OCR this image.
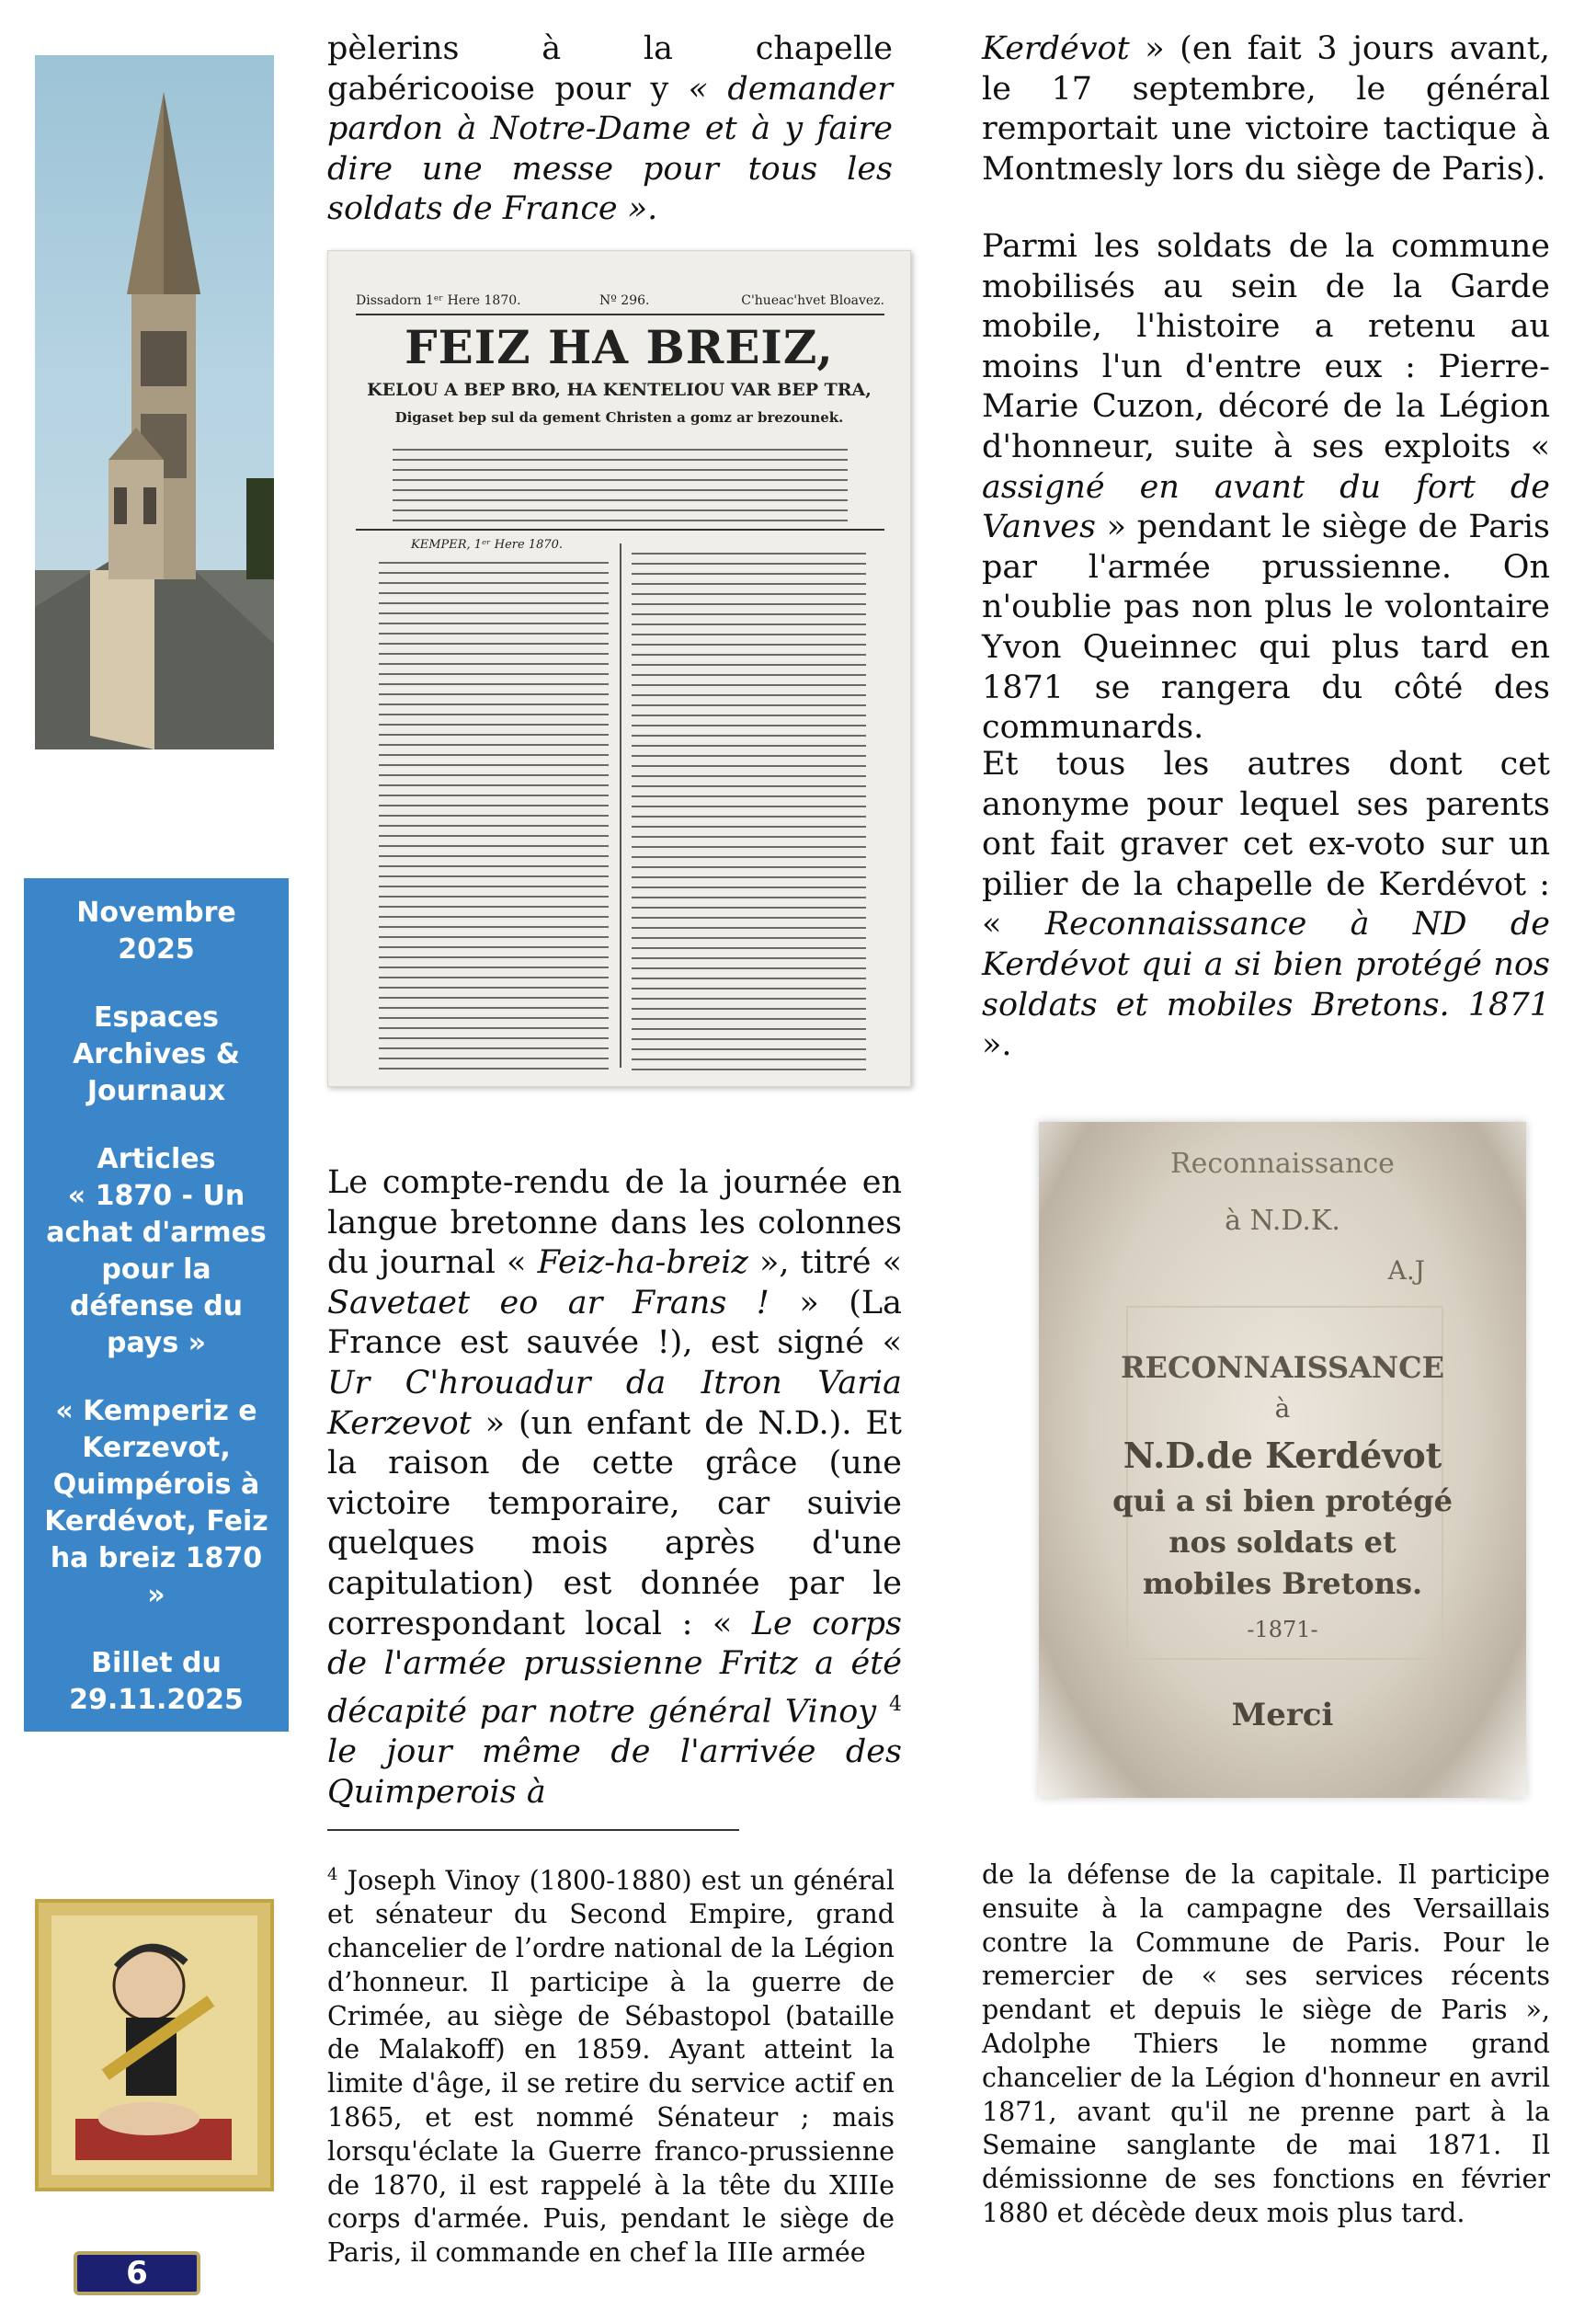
Novembre 2025
Espaces Archives & Journaux
Articles
« 1870 - Un achat d'armes pour la défense du pays »
« Kemperiz e Kerzevot, Quimpérois à Kerdévot, Feiz ha breiz 1870 »
Billet du 29.11.2025
pèlerins à la chapelle gabéricooise pour y « demander pardon à Notre-Dame et à y faire dire une messe pour tous les soldats de France ».
Dissadorn 1ᵉʳ Here 1870.	Nº 296.	C'hueac'hvet Bloavez.
FEIZ HA BREIZ,
KELOU A BEP BRO, HA KENTELIOU VAR BEP TRA,
Digaset bep sul da gement Christen a gomz ar brezounek.
KEMPER, 1ᵉʳ Here 1870.
Kerdévot » (en fait 3 jours avant, le 17 septembre, le général remportait une victoire tactique à Montmesly lors du siège de Paris).
Parmi les soldats de la commune mobilisés au sein de la Garde mobile, l'histoire a retenu au moins l'un d'entre eux : Pierre-Marie Cuzon, décoré de la Légion d'honneur, suite à ses exploits « assigné en avant du fort de Vanves » pendant le siège de Paris par l'armée prussienne. On n'oublie pas non plus le volontaire Yvon Queinnec qui plus tard en 1871 se rangera du côté des communards.
Et tous les autres dont cet anonyme pour lequel ses parents ont fait graver cet ex-voto sur un pilier de la chapelle de Kerdévot : « Reconnaissance à ND de Kerdévot qui a si bien protégé nos soldats et mobiles Bretons. 1871 ».
Le compte-rendu de la journée en langue bretonne dans les colonnes du journal « Feiz-ha-breiz », titré « Savetaet eo ar Frans ! » (La France est sauvée !), est signé « Ur C'hrouadur da Itron Varia Kerzevot » (un enfant de N.D.). Et la raison de cette grâce (une victoire temporaire, car suivie quelques mois après d'une capitulation) est donnée par le correspondant local : « Le corps de l'armée prussienne Fritz a été décapité par notre général Vinoy $^4$ le jour même de l'arrivée des Quimperois à
Reconnaissance
à N.D.K.
A.J
RECONNAISSANCE
à
N.D.de Kerdévot
qui a si bien protégé
nos soldats et
mobiles Bretons.
-1871-
Merci
$^4$ Joseph Vinoy (1800-1880) est un général et sénateur du Second Empire, grand chancelier de l’ordre national de la Légion d’honneur. Il participe à la guerre de Crimée, au siège de Sébastopol (bataille de Malakoff) en 1859. Ayant atteint la limite d'âge, il se retire du service actif en 1865, et est nommé Sénateur ; mais lorsqu'éclate la Guerre franco-prussienne de 1870, il est rappelé à la tête du XIIIe corps d'armée. Puis, pendant le siège de Paris, il commande en chef la IIIe armée
de la défense de la capitale. Il participe ensuite à la campagne des Versaillais contre la Commune de Paris. Pour le remercier de « ses services récents pendant et depuis le siège de Paris », Adolphe Thiers le nomme grand chancelier de la Légion d'honneur en avril 1871, avant qu'il ne prenne part à la Semaine sanglante de mai 1871. Il démissionne de ses fonctions en février 1880 et décède deux mois plus tard.
6
